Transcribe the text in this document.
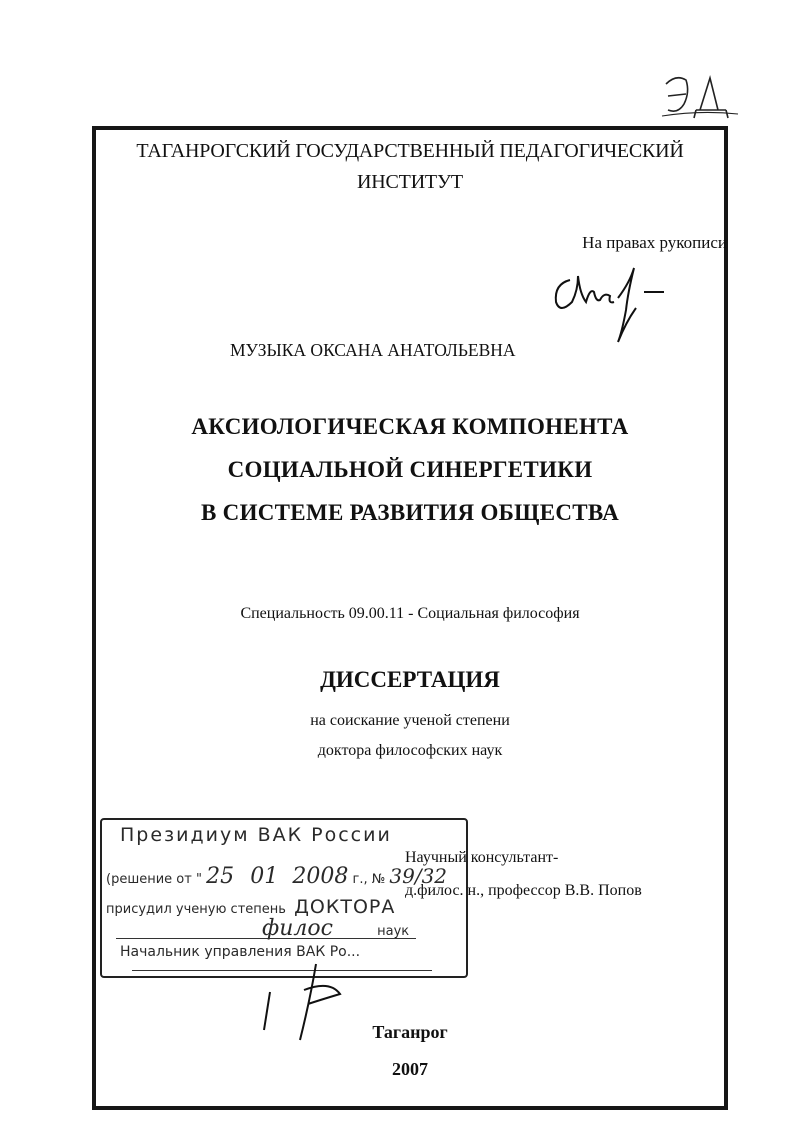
ТАГАНРОГСКИЙ ГОСУДАРСТВЕННЫЙ ПЕДАГОГИЧЕСКИЙ
ИНСТИТУТ
На правах рукописи
МУЗЫКА ОКСАНА АНАТОЛЬЕВНА
АКСИОЛОГИЧЕСКАЯ КОМПОНЕНТА
СОЦИАЛЬНОЙ СИНЕРГЕТИКИ
В СИСТЕМЕ РАЗВИТИЯ ОБЩЕСТВА
Специальность 09.00.11 - Социальная философия
ДИССЕРТАЦИЯ
на соискание ученой степени
доктора философских наук
Научный консультант-
д.филос. н., профессор В.В. Попов
Президиум ВАК России
(решение от " 25 01 2008 г., № 39/32
присудил ученую степень ДОКТОРА
филос	наук
Начальник управления ВАК Ро...
Таганрог
2007
